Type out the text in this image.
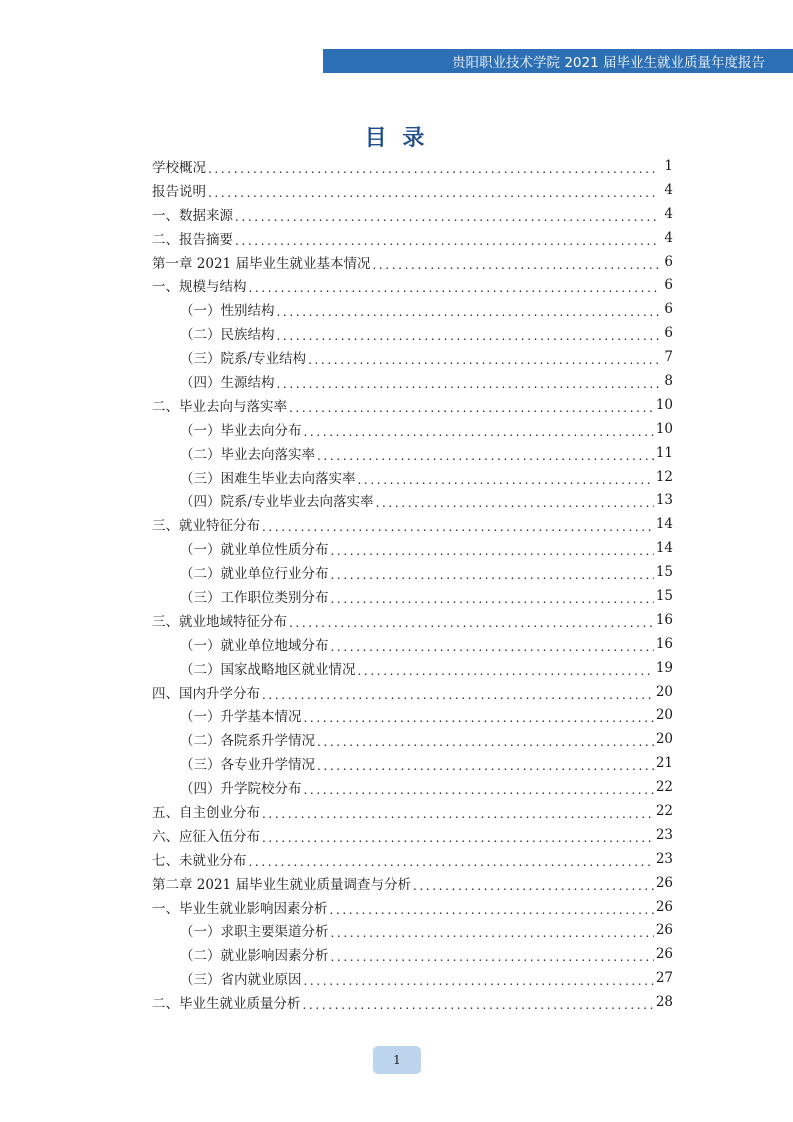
贵阳职业技术学院 2021 届毕业生就业质量年度报告
目 录
学校概况 . . .	1
报告说明 . . .	4
一、数据来源 . . .	4
二、报告摘要 . . .	4
第一章 2021 届毕业生就业基本情况 . . .	6
一、规模与结构 . . .	6
（一）性别结构 . . .	6
（二）民族结构 . . .	6
（三）院系/专业结构 . . .	7
（四）生源结构 . . .	8
二、毕业去向与落实率 . . .	10
（一）毕业去向分布 . . .	10
（二）毕业去向落实率 . . .	11
（三）困难生毕业去向落实率 . . .	12
（四）院系/专业毕业去向落实率 . . .	13
三、就业特征分布 . . .	14
（一）就业单位性质分布 . . .	14
（二）就业单位行业分布 . . .	15
（三）工作职位类别分布 . . .	15
三、就业地域特征分布 . . .	16
（一）就业单位地域分布 . . .	16
（二）国家战略地区就业情况 . . .	19
四、国内升学分布 . . .	20
（一）升学基本情况 . . .	20
（二）各院系升学情况 . . .	20
（三）各专业升学情况 . . .	21
（四）升学院校分布 . . .	22
五、自主创业分布 . . .	22
六、应征入伍分布 . . .	23
七、未就业分布 . . .	23
第二章 2021 届毕业生就业质量调查与分析 . . .	26
一、毕业生就业影响因素分析 . . .	26
（一）求职主要渠道分析 . . .	26
（二）就业影响因素分析 . . .	26
（三）省内就业原因 . . .	27
二、毕业生就业质量分析 . . .	28
1
